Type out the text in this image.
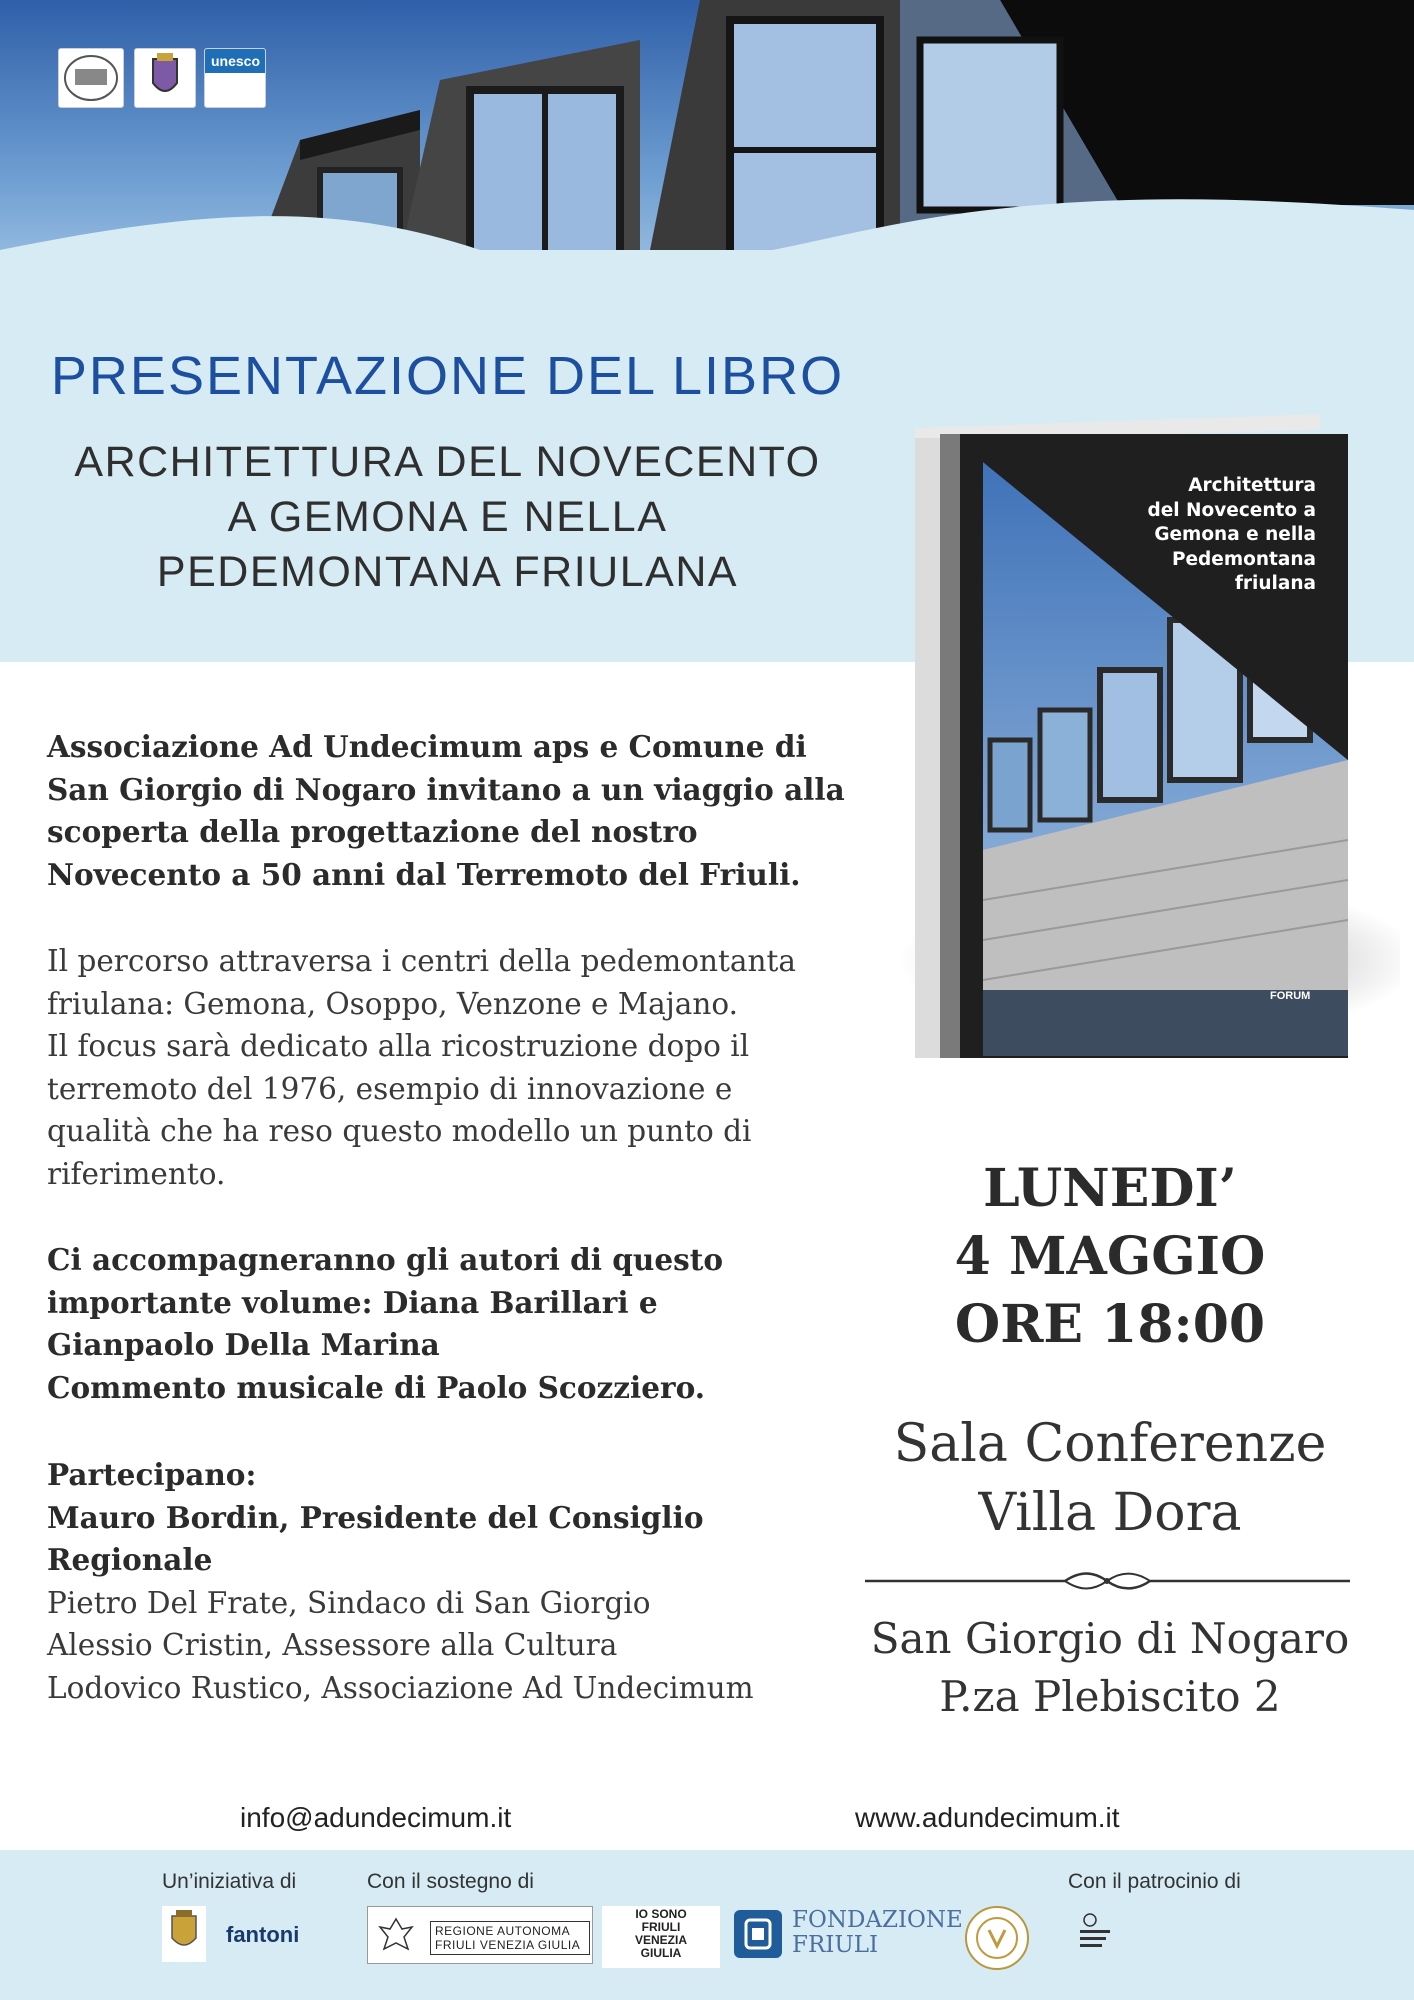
unesco
PRESENTAZIONE DEL LIBRO
ARCHITETTURA DEL NOVECENTO
A GEMONA E NELLA
PEDEMONTANA FRIULANA
Architettura
del Novecento a
Gemona e nella
Pedemontana
friulana
FORUM
Associazione Ad Undecimum aps e Comune di
San Giorgio di Nogaro invitano a un viaggio alla
scoperta della progettazione del nostro
Novecento a 50 anni dal Terremoto del Friuli.
Il percorso attraversa i centri della pedemontanta
friulana: Gemona, Osoppo, Venzone e Majano.
Il focus sarà dedicato alla ricostruzione dopo il
terremoto del 1976, esempio di innovazione e
qualità che ha reso questo modello un punto di
riferimento.
Ci accompagneranno gli autori di questo
importante volume: Diana Barillari e
Gianpaolo Della Marina
Commento musicale di Paolo Scozziero.
Partecipano:
Mauro Bordin, Presidente del Consiglio
Regionale
Pietro Del Frate, Sindaco di San Giorgio
Alessio Cristin, Assessore alla Cultura
Lodovico Rustico, Associazione Ad Undecimum
LUNEDI’
4 MAGGIO
ORE 18:00
Sala Conferenze
Villa Dora
San Giorgio di Nogaro
P.za Plebiscito 2
info@adundecimum.it	www.adundecimum.it
Un’iniziativa di	Con il sostegno di	Con il patrocinio di
fantoni	REGIONE AUTONOMA
FRIULI VENEZIA GIULIA
IO SONO
FRIULI
VENEZIA
GIULIA
FONDAZIONE
FRIULI
